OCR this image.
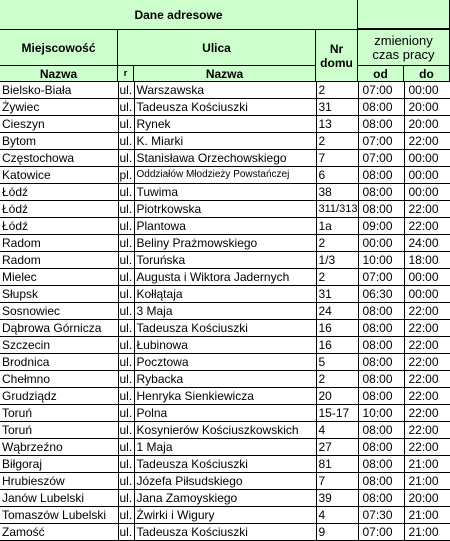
Dane adresowe
Miejscowość	Ulica	Nr domu
zmieniony czas pracy
Nazwa	r	Nazwa	od	do
Bielsko-Biała	ul.	Warszawska	2	07:00	00:00
Żywiec	ul.	Tadeusza Kościuszki	31	08:00	20:00
Cieszyn	ul.	Rynek	13	08:00	20:00
Bytom	ul.	K. Miarki	2	07:00	22:00
Częstochowa	ul.	Stanisława Orzechowskiego	7	07:00	00:00
Katowice	pl.	Oddziałów Młodzieży Powstańczej	6	08:00	00:00
Łódź	ul.	Tuwima	38	08:00	00:00
Łódź	ul.	Piotrkowska	311/313	08:00	22:00
Łódź	ul.	Plantowa	1a	09:00	22:00
Radom	ul.	Beliny Prażmowskiego	2	00:00	24:00
Radom	ul.	Toruńska	1/3	10:00	18:00
Mielec	ul.	Augusta i Wiktora Jadernych	2	07:00	00:00
Słupsk	ul.	Kołłątaja	31	06:30	00:00
Sosnowiec	ul.	3 Maja	24	08:00	22:00
Dąbrowa Górnicza	ul.	Tadeusza Kościuszki	16	08:00	22:00
Szczecin	ul.	Łubinowa	16	08:00	22:00
Brodnica	ul.	Pocztowa	5	08:00	22:00
Chełmno	ul.	Rybacka	2	08:00	22:00
Grudziądz	ul.	Henryka Sienkiewicza	20	08:00	22:00
Toruń	ul.	Polna	15-17	10:00	22:00
Toruń	ul.	Kosynierów Kościuszkowskich	4	08:00	22:00
Wąbrzeźno	ul.	1 Maja	27	08:00	22:00
Biłgoraj	ul.	Tadeusza Kościuszki	81	08:00	21:00
Hrubieszów	ul.	Józefa Piłsudskiego	7	08:00	21:00
Janów Lubelski	ul.	Jana Zamoyskiego	39	08:00	20:00
Tomaszów Lubelski	ul.	Żwirki i Wigury	4	07:30	21:00
Zamość	ul.	Tadeusza Kościuszki	9	07:00	21:00
